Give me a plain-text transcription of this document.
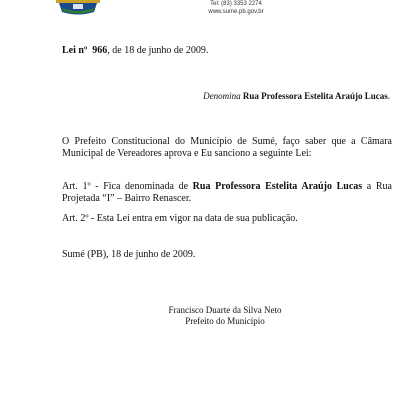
Tel: (83) 3353 2274
www.sume.pb.gov.br
Lei nº 966, de 18 de junho de 2009.
Denomina Rua Professora Estelita Araújo Lucas.
O Prefeito Constitucional do Município de Sumé, faço saber que a Câmara Municipal de Vereadores aprova e Eu sanciono a seguinte Lei:
Art. 1º - Fica denominada de Rua Professora Estelita Araújo Lucas a Rua Projetada “I” – Bairro Renascer.
Art. 2º - Esta Lei entra em vigor na data de sua publicação.
Sumé (PB), 18 de junho de 2009.
Francisco Duarte da Silva Neto
Prefeito do Município
